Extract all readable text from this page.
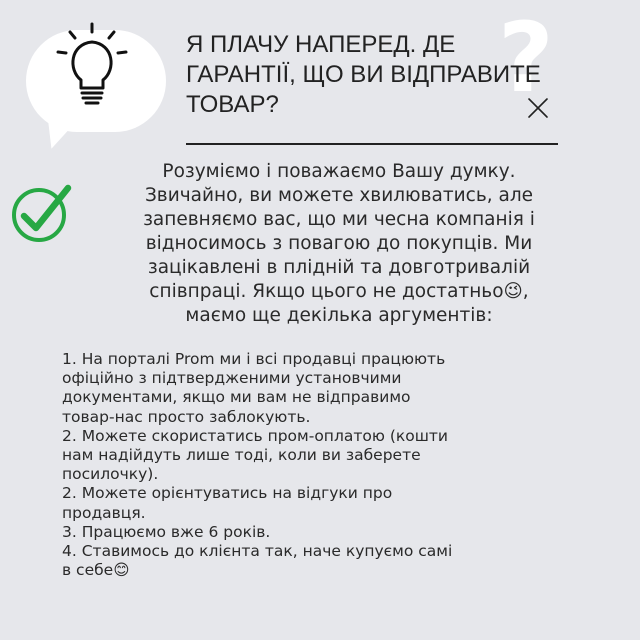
?
Я ПЛАЧУ НАПЕРЕД. ДЕ
ГАРАНТІЇ, ЩО ВИ ВІДПРАВИТЕ
ТОВАР?

Розуміємо і поважаємо Вашу думку.
Звичайно, ви можете хвилюватись, але
запевняємо вас, що ми чесна компанія і
відносимось з повагою до покупців. Ми
зацікавлені в плідній та довготривалій
співпраці. Якщо цього не достатньо😉,
маємо ще декілька аргументів:

1. На порталі Prom ми і всі продавці працюють
офіційно з підтвердженими установчими
документами, якщо ми вам не відправимо
товар-нас просто заблокують.
2. Можете скористатись пром-оплатою (кошти
нам надійдуть лише тоді, коли ви заберете
посилочку).
2. Можете орієнтуватись на відгуки про
продавця.
3. Працюємо вже 6 років.
4. Ставимось до клієнта так, наче купуємо самі
в себе😊
